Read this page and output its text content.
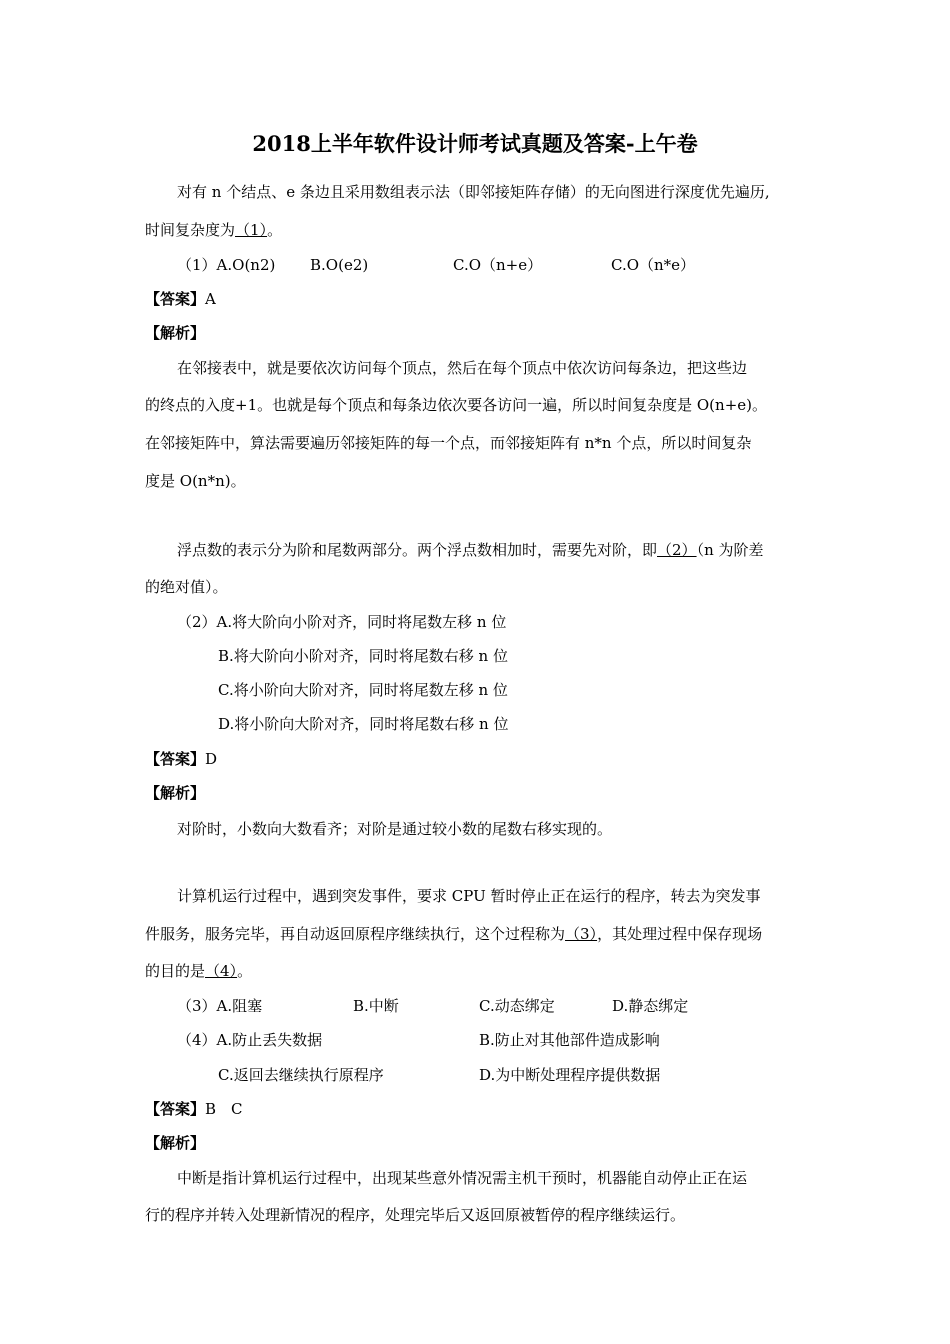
2018上半年软件设计师考试真题及答案-上午卷
对有 n 个结点、e 条边且采用数组表示法（即邻接矩阵存储）的无向图进行深度优先遍历,
时间复杂度为（1）。
（1）A.O(n2) B.O(e2)	C.O（n+e）	C.O（n*e）
【答案】A
【解析】
在邻接表中，就是要依次访问每个顶点，然后在每个顶点中依次访问每条边，把这些边
的终点的入度+1。也就是每个顶点和每条边依次要各访问一遍，所以时间复杂度是 O(n+e)。
在邻接矩阵中，算法需要遍历邻接矩阵的每一个点，而邻接矩阵有 n*n 个点，所以时间复杂
度是 O(n*n)。
浮点数的表示分为阶和尾数两部分。两个浮点数相加时，需要先对阶，即（2）（n 为阶差
的绝对值）。
（2）A.将大阶向小阶对齐，同时将尾数左移 n 位
B.将大阶向小阶对齐，同时将尾数右移 n 位
C.将小阶向大阶对齐，同时将尾数左移 n 位
D.将小阶向大阶对齐，同时将尾数右移 n 位
【答案】D
【解析】
对阶时，小数向大数看齐；对阶是通过较小数的尾数右移实现的。
计算机运行过程中，遇到突发事件，要求 CPU 暂时停止正在运行的程序，转去为突发事
件服务，服务完毕，再自动返回原程序继续执行，这个过程称为（3），其处理过程中保存现场
的目的是（4）。
（3）A.阻塞	B.中断	C.动态绑定	D.静态绑定
（4）A.防止丢失数据	B.防止对其他部件造成影响
C.返回去继续执行原程序	D.为中断处理程序提供数据
【答案】B　C
【解析】
中断是指计算机运行过程中，出现某些意外情况需主机干预时，机器能自动停止正在运
行的程序并转入处理新情况的程序，处理完毕后又返回原被暂停的程序继续运行。
